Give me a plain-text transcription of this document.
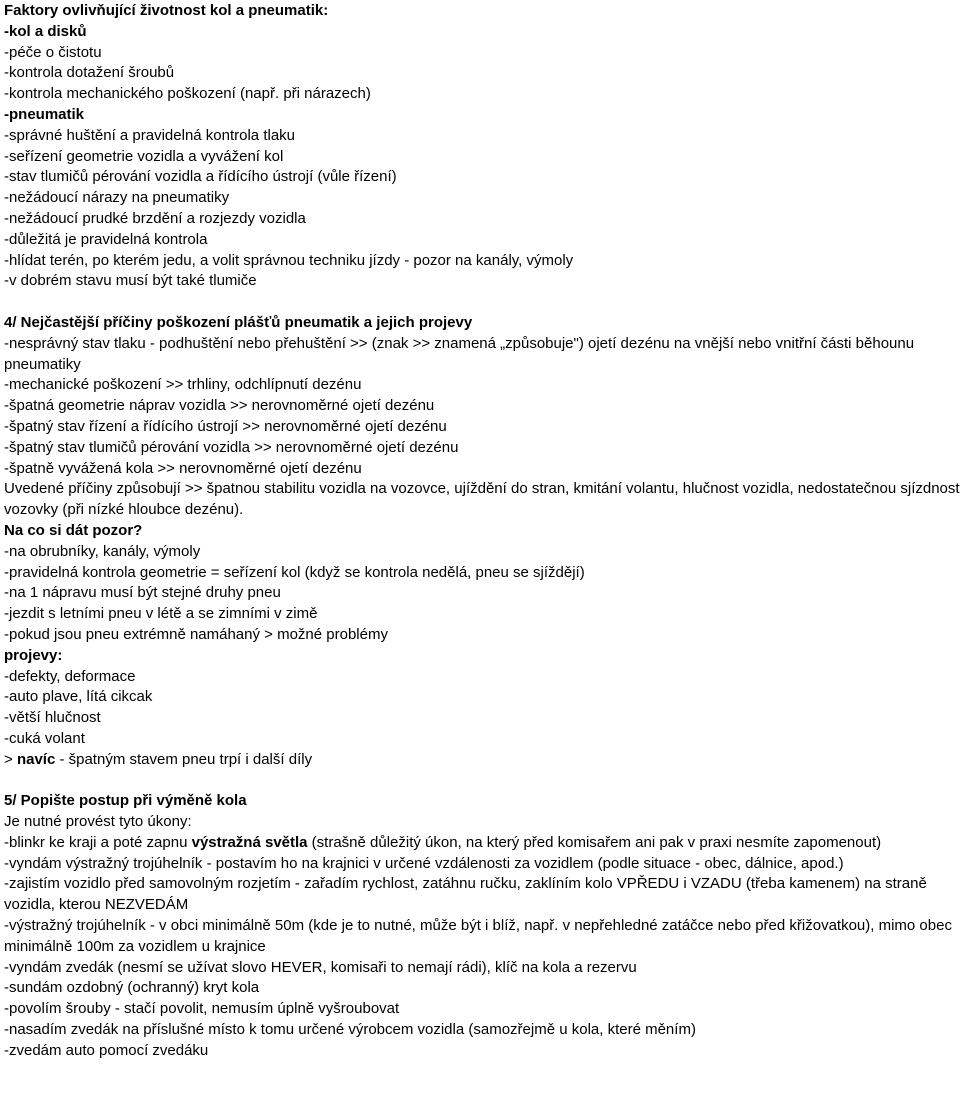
Faktory ovlivňující životnost kol a pneumatik:
-kol a disků
-péče o čistotu
-kontrola dotažení šroubů
-kontrola mechanického poškození (např. při nárazech)
-pneumatik
-správné huštění a pravidelná kontrola tlaku
-seřízení geometrie vozidla a vyvážení kol
-stav tlumičů pérování vozidla a řídícího ústrojí (vůle řízení)
-nežádoucí nárazy na pneumatiky
-nežádoucí prudké brzdění a rozjezdy vozidla
-důležitá je pravidelná kontrola
-hlídat terén, po kterém jedu, a volit správnou techniku jízdy - pozor na kanály, výmoly
-v dobrém stavu musí být také tlumiče
4/ Nejčastější příčiny poškození plášťů pneumatik a jejich projevy
-nesprávný stav tlaku - podhuštění nebo přehuštění >> (znak >> znamená „způsobuje") ojetí dezénu na vnější nebo vnitřní části běhounu pneumatiky
-mechanické poškození >> trhliny, odchlípnutí dezénu
-špatná geometrie náprav vozidla >> nerovnoměrné ojetí dezénu
-špatný stav řízení a řídícího ústrojí >> nerovnoměrné ojetí dezénu
-špatný stav tlumičů pérování vozidla >> nerovnoměrné ojetí dezénu
-špatně vyvážená kola >> nerovnoměrné ojetí dezénu
Uvedené příčiny způsobují >> špatnou stabilitu vozidla na vozovce, ujíždění do stran, kmitání volantu, hlučnost vozidla, nedostatečnou sjízdnost vozovky (při nízké hloubce dezénu).
Na co si dát pozor?
-na obrubníky, kanály, výmoly
-pravidelná kontrola geometrie = seřízení kol (když se kontrola nedělá, pneu se sjíždějí)
-na 1 nápravu musí být stejné druhy pneu
-jezdit s letními pneu v létě a se zimními v zimě
-pokud jsou pneu extrémně namáhaný > možné problémy
projevy:
-defekty, deformace
-auto plave, lítá cikcak
-větší hlučnost
-cuká volant
> navíc - špatným stavem pneu trpí i další díly
5/ Popište postup při výměně kola
Je nutné provést tyto úkony:
-blinkr ke kraji a poté zapnu výstražná světla (strašně důležitý úkon, na který před komisařem ani pak v praxi nesmíte zapomenout)
-vyndám výstražný trojúhelník - postavím ho na krajnici v určené vzdálenosti za vozidlem (podle situace - obec, dálnice, apod.)
-zajistím vozidlo před samovolným rozjetím - zařadím rychlost, zatáhnu ručku, zaklíním kolo VPŘEDU i VZADU (třeba kamenem) na straně vozidla, kterou NEZVEDÁM
-výstražný trojúhelník - v obci minimálně 50m (kde je to nutné, může být i blíž, např. v nepřehledné zatáčce nebo před křižovatkou), mimo obec minimálně 100m za vozidlem u krajnice
-vyndám zvedák (nesmí se užívat slovo HEVER, komisaři to nemají rádi), klíč na kola a rezervu
-sundám ozdobný (ochranný) kryt kola
-povolím šrouby - stačí povolit, nemusím úplně vyšroubovat
-nasadím zvedák na příslušné místo k tomu určené výrobcem vozidla (samozřejmě u kola, které měním)
-zvedám auto pomocí zvedáku
